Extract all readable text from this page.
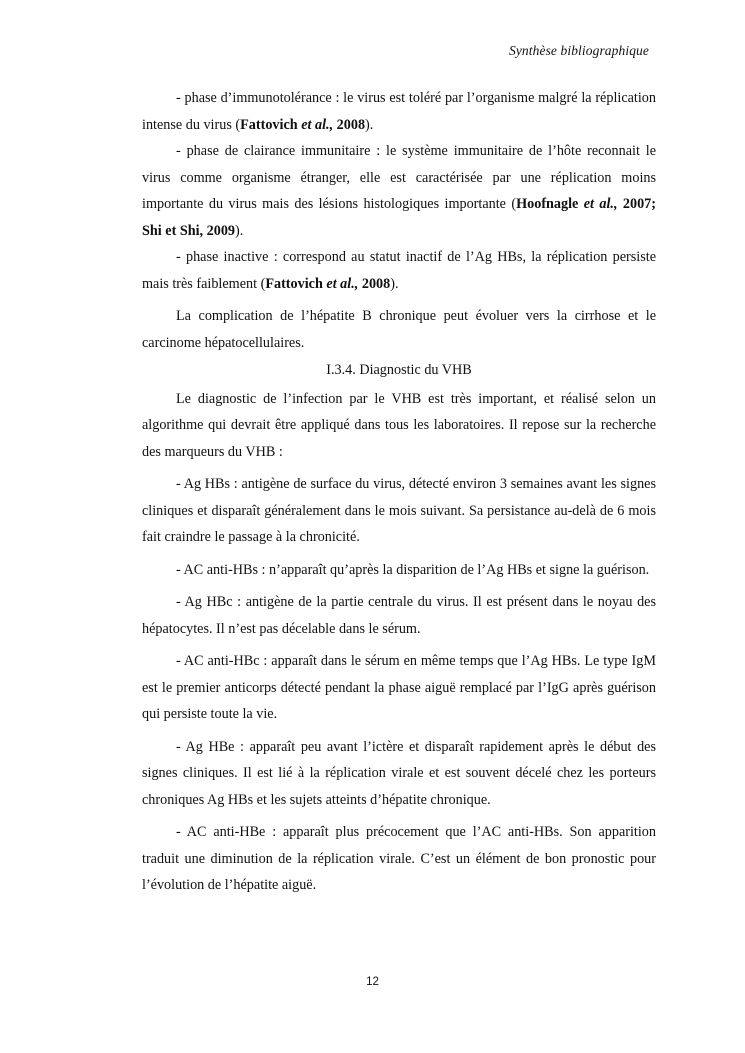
Synthèse bibliographique

- phase d’immunotolérance : le virus est toléré par l’organisme malgré la réplication intense du virus (Fattovich et al., 2008).

- phase de clairance immunitaire : le système immunitaire de l’hôte reconnait le virus comme organisme étranger, elle est caractérisée par une réplication moins importante du virus mais des lésions histologiques importante (Hoofnagle et al., 2007; Shi et Shi, 2009).

- phase inactive : correspond au statut inactif de l’Ag HBs, la réplication persiste mais très faiblement (Fattovich et al., 2008).

La complication de l’hépatite B chronique peut évoluer vers la cirrhose et le carcinome hépatocellulaires.

I.3.4. Diagnostic du VHB

Le diagnostic de l’infection par le VHB est très important, et réalisé selon un algorithme qui devrait être appliqué dans tous les laboratoires. Il repose sur la recherche des marqueurs du VHB :

- Ag HBs : antigène de surface du virus, détecté environ 3 semaines avant les signes cliniques et disparaît généralement dans le mois suivant. Sa persistance au-delà de 6 mois fait craindre le passage à la chronicité.

- AC anti-HBs : n’apparaît qu’après la disparition de l’Ag HBs et signe la guérison.

- Ag HBc : antigène de la partie centrale du virus. Il est présent dans le noyau des hépatocytes. Il n’est pas décelable dans le sérum.

- AC anti-HBc : apparaît dans le sérum en même temps que l’Ag HBs. Le type IgM est le premier anticorps détecté pendant la phase aiguë remplacé par l’IgG après guérison qui persiste toute la vie.

- Ag HBe : apparaît peu avant l’ictère et disparaît rapidement après le début des signes cliniques. Il est lié à la réplication virale et est souvent décelé chez les porteurs chroniques Ag HBs et les sujets atteints d’hépatite chronique.

- AC anti-HBe : apparaît plus précocement que l’AC anti-HBs. Son apparition traduit une diminution de la réplication virale. C’est un élément de bon pronostic pour l’évolution de l’hépatite aiguë.

12
